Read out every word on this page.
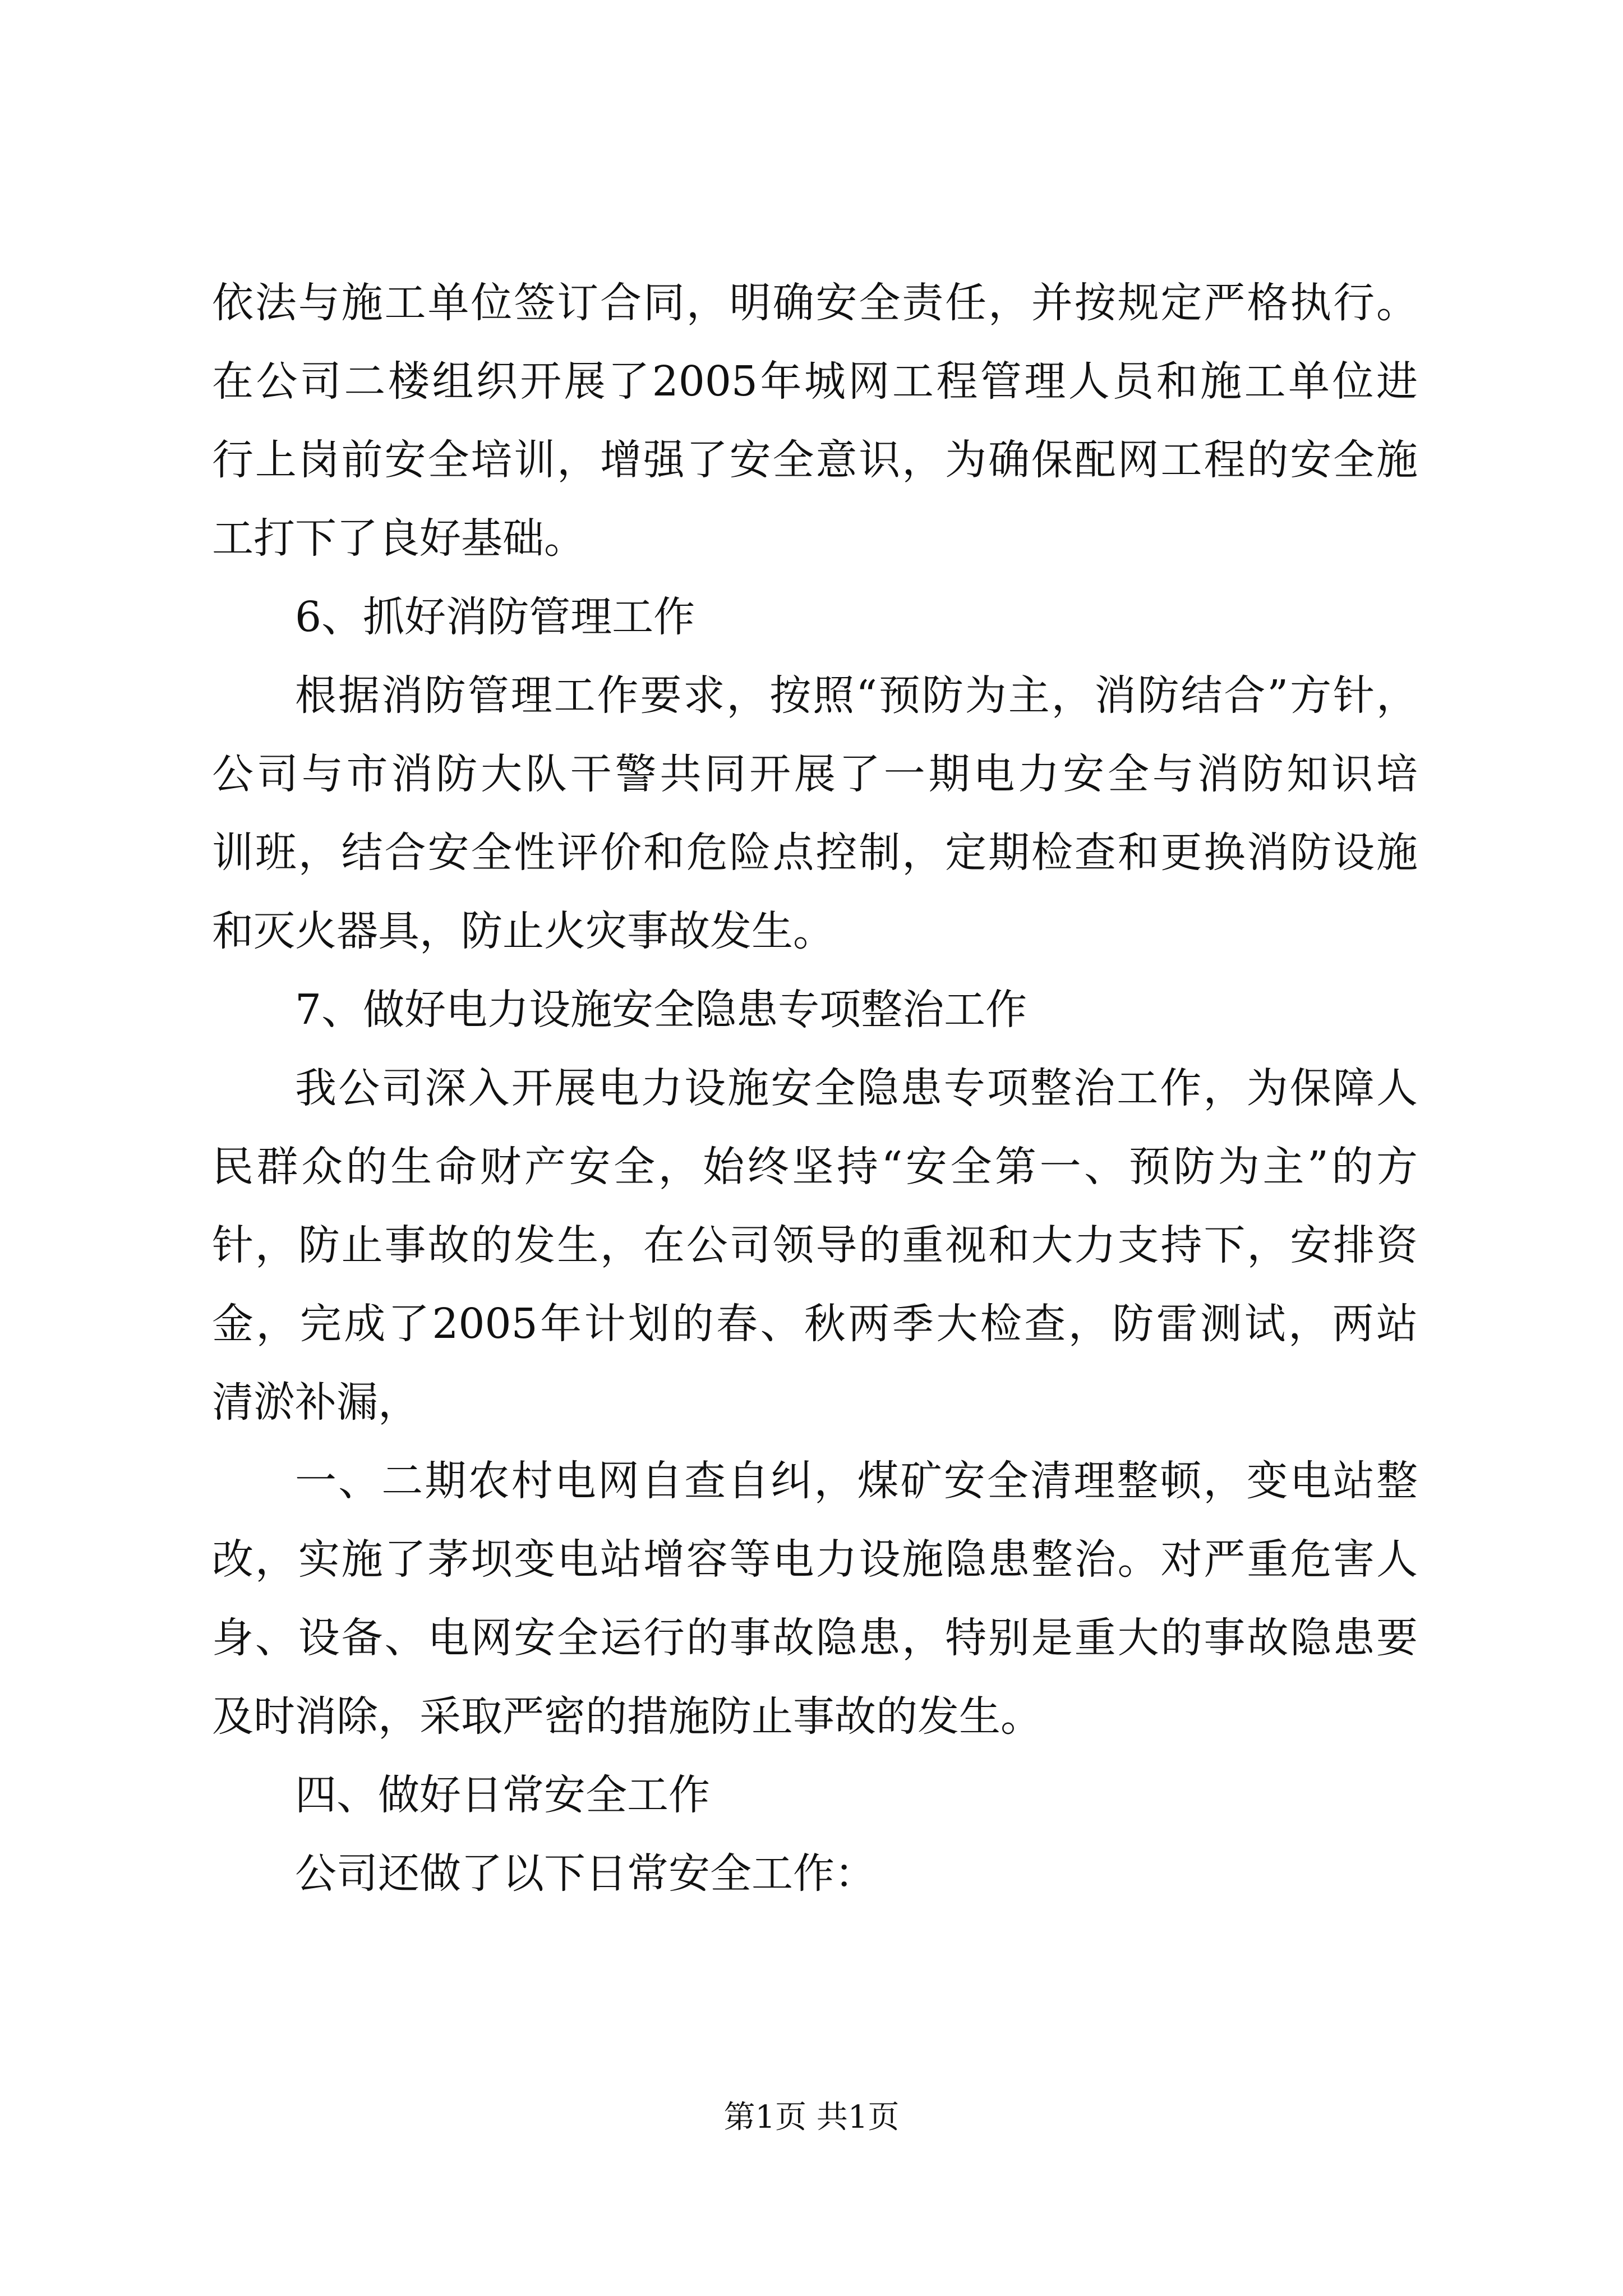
依法与施工单位签订合同，明确安全责任，并按规定严格执行。
在公司二楼组织开展了2005年城网工程管理人员和施工单位进
行上岗前安全培训，增强了安全意识，为确保配网工程的安全施
工打下了良好基础。
6、抓好消防管理工作
根据消防管理工作要求，按照“预防为主，消防结合”方针，
公司与市消防大队干警共同开展了一期电力安全与消防知识培
训班，结合安全性评价和危险点控制，定期检查和更换消防设施
和灭火器具，防止火灾事故发生。
7、做好电力设施安全隐患专项整治工作
我公司深入开展电力设施安全隐患专项整治工作，为保障人
民群众的生命财产安全，始终坚持“安全第一、预防为主”的方
针，防止事故的发生，在公司领导的重视和大力支持下，安排资
金，完成了2005年计划的春、秋两季大检查，防雷测试，两站
清淤补漏，
一、二期农村电网自查自纠，煤矿安全清理整顿，变电站整
改，实施了茅坝变电站增容等电力设施隐患整治。对严重危害人
身、设备、电网安全运行的事故隐患，特别是重大的事故隐患要
及时消除，采取严密的措施防止事故的发生。
四、做好日常安全工作
公司还做了以下日常安全工作：
第1页 共1页
